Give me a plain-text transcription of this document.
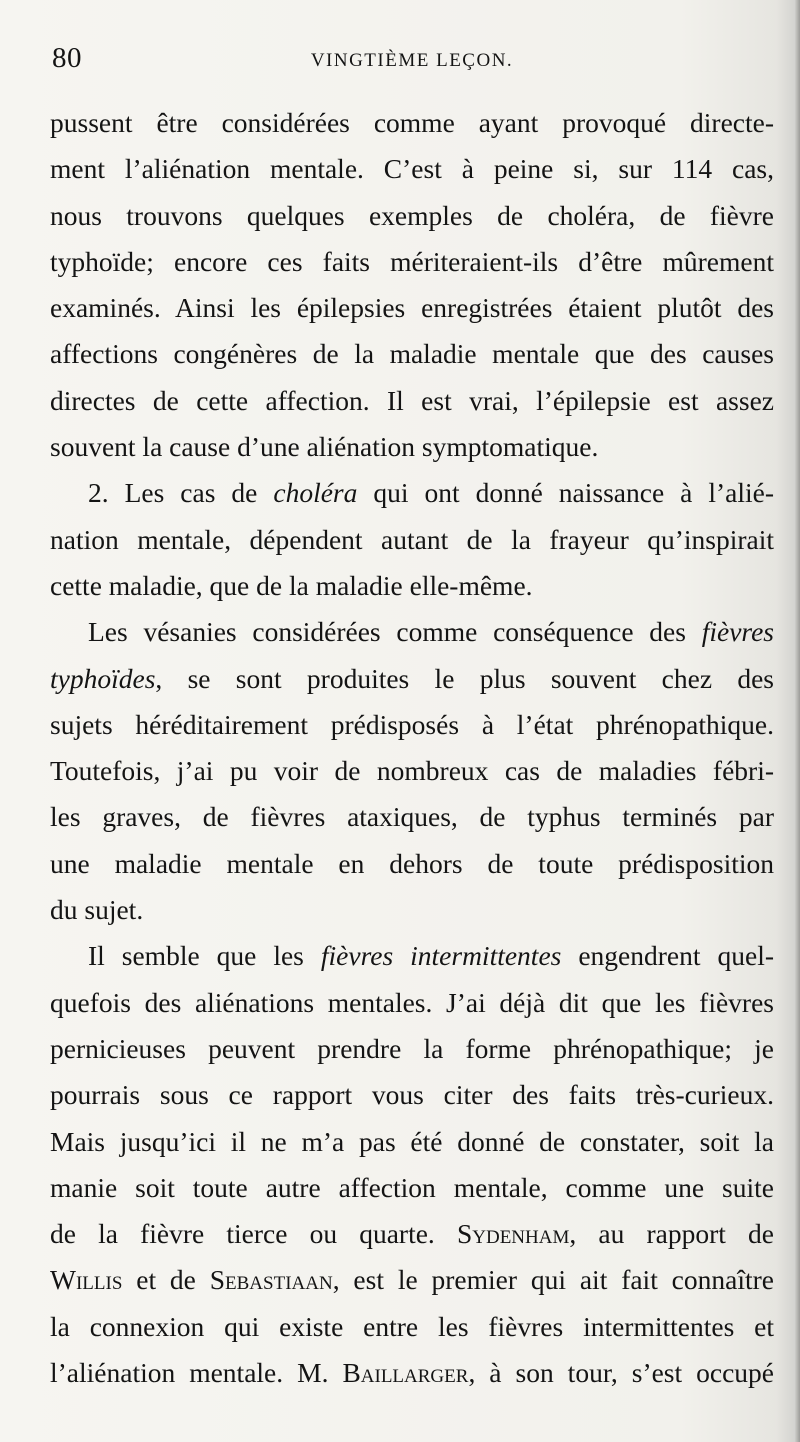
80	VINGTIÈME LEÇON.
pussent être considérées comme ayant provoqué directe-
ment l’aliénation mentale. C’est à peine si, sur 114 cas,
nous trouvons quelques exemples de choléra, de fièvre
typhoïde; encore ces faits mériteraient-ils d’être mûrement
examinés. Ainsi les épilepsies enregistrées étaient plutôt des
affections congénères de la maladie mentale que des causes
directes de cette affection. Il est vrai, l’épilepsie est assez
souvent la cause d’une aliénation symptomatique.
2. Les cas de choléra qui ont donné naissance à l’alié-
nation mentale, dépendent autant de la frayeur qu’inspirait
cette maladie, que de la maladie elle-même.
Les vésanies considérées comme conséquence des fièvres
typhoïdes, se sont produites le plus souvent chez des
sujets héréditairement prédisposés à l’état phrénopathique.
Toutefois, j’ai pu voir de nombreux cas de maladies fébri-
les graves, de fièvres ataxiques, de typhus terminés par
une maladie mentale en dehors de toute prédisposition
du sujet.
Il semble que les fièvres intermittentes engendrent quel-
quefois des aliénations mentales. J’ai déjà dit que les fièvres
pernicieuses peuvent prendre la forme phrénopathique; je
pourrais sous ce rapport vous citer des faits très-curieux.
Mais jusqu’ici il ne m’a pas été donné de constater, soit la
manie soit toute autre affection mentale, comme une suite
de la fièvre tierce ou quarte. Sydenham, au rapport de
Willis et de Sebastiaan, est le premier qui ait fait connaître
la connexion qui existe entre les fièvres intermittentes et
l’aliénation mentale. M. Baillarger, à son tour, s’est occupé
